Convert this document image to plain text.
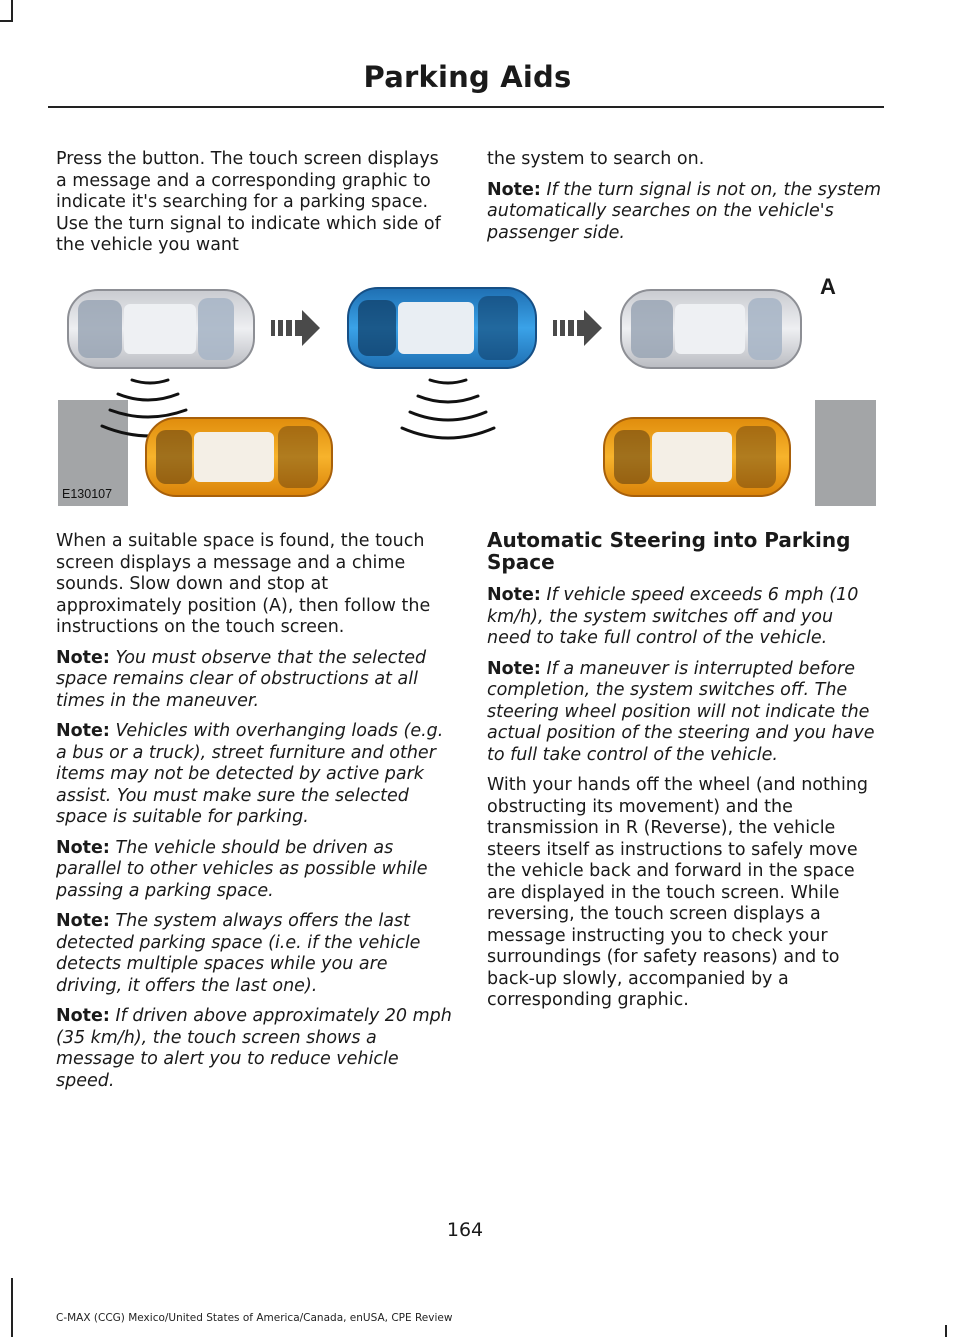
Parking Aids

Press the button. The touch screen displays a message and a corresponding graphic to indicate it's searching for a parking space. Use the turn signal to indicate which side of the vehicle you want

the system to search on.

Note: If the turn signal is not on, the system automatically searches on the vehicle's passenger side.

A
E130107

When a suitable space is found, the touch screen displays a message and a chime sounds. Slow down and stop at approximately position (A), then follow the instructions on the touch screen.

Note: You must observe that the selected space remains clear of obstructions at all times in the maneuver.

Note: Vehicles with overhanging loads (e.g. a bus or a truck), street furniture and other items may not be detected by active park assist. You must make sure the selected space is suitable for parking.

Note: The vehicle should be driven as parallel to other vehicles as possible while passing a parking space.

Note: The system always offers the last detected parking space (i.e. if the vehicle detects multiple spaces while you are driving, it offers the last one).

Note: If driven above approximately 20 mph (35 km/h), the touch screen shows a message to alert you to reduce vehicle speed.

Automatic Steering into Parking Space

Note: If vehicle speed exceeds 6 mph (10 km/h), the system switches off and you need to take full control of the vehicle.

Note: If a maneuver is interrupted before completion, the system switches off. The steering wheel position will not indicate the actual position of the steering and you have to full take control of the vehicle.

With your hands off the wheel (and nothing obstructing its movement) and the transmission in R (Reverse), the vehicle steers itself as instructions to safely move the vehicle back and forward in the space are displayed in the touch screen. While reversing, the touch screen displays a message instructing you to check your surroundings (for safety reasons) and to back-up slowly, accompanied by a corresponding graphic.

164
C-MAX (CCG) Mexico/United States of America/Canada, enUSA, CPE Review
